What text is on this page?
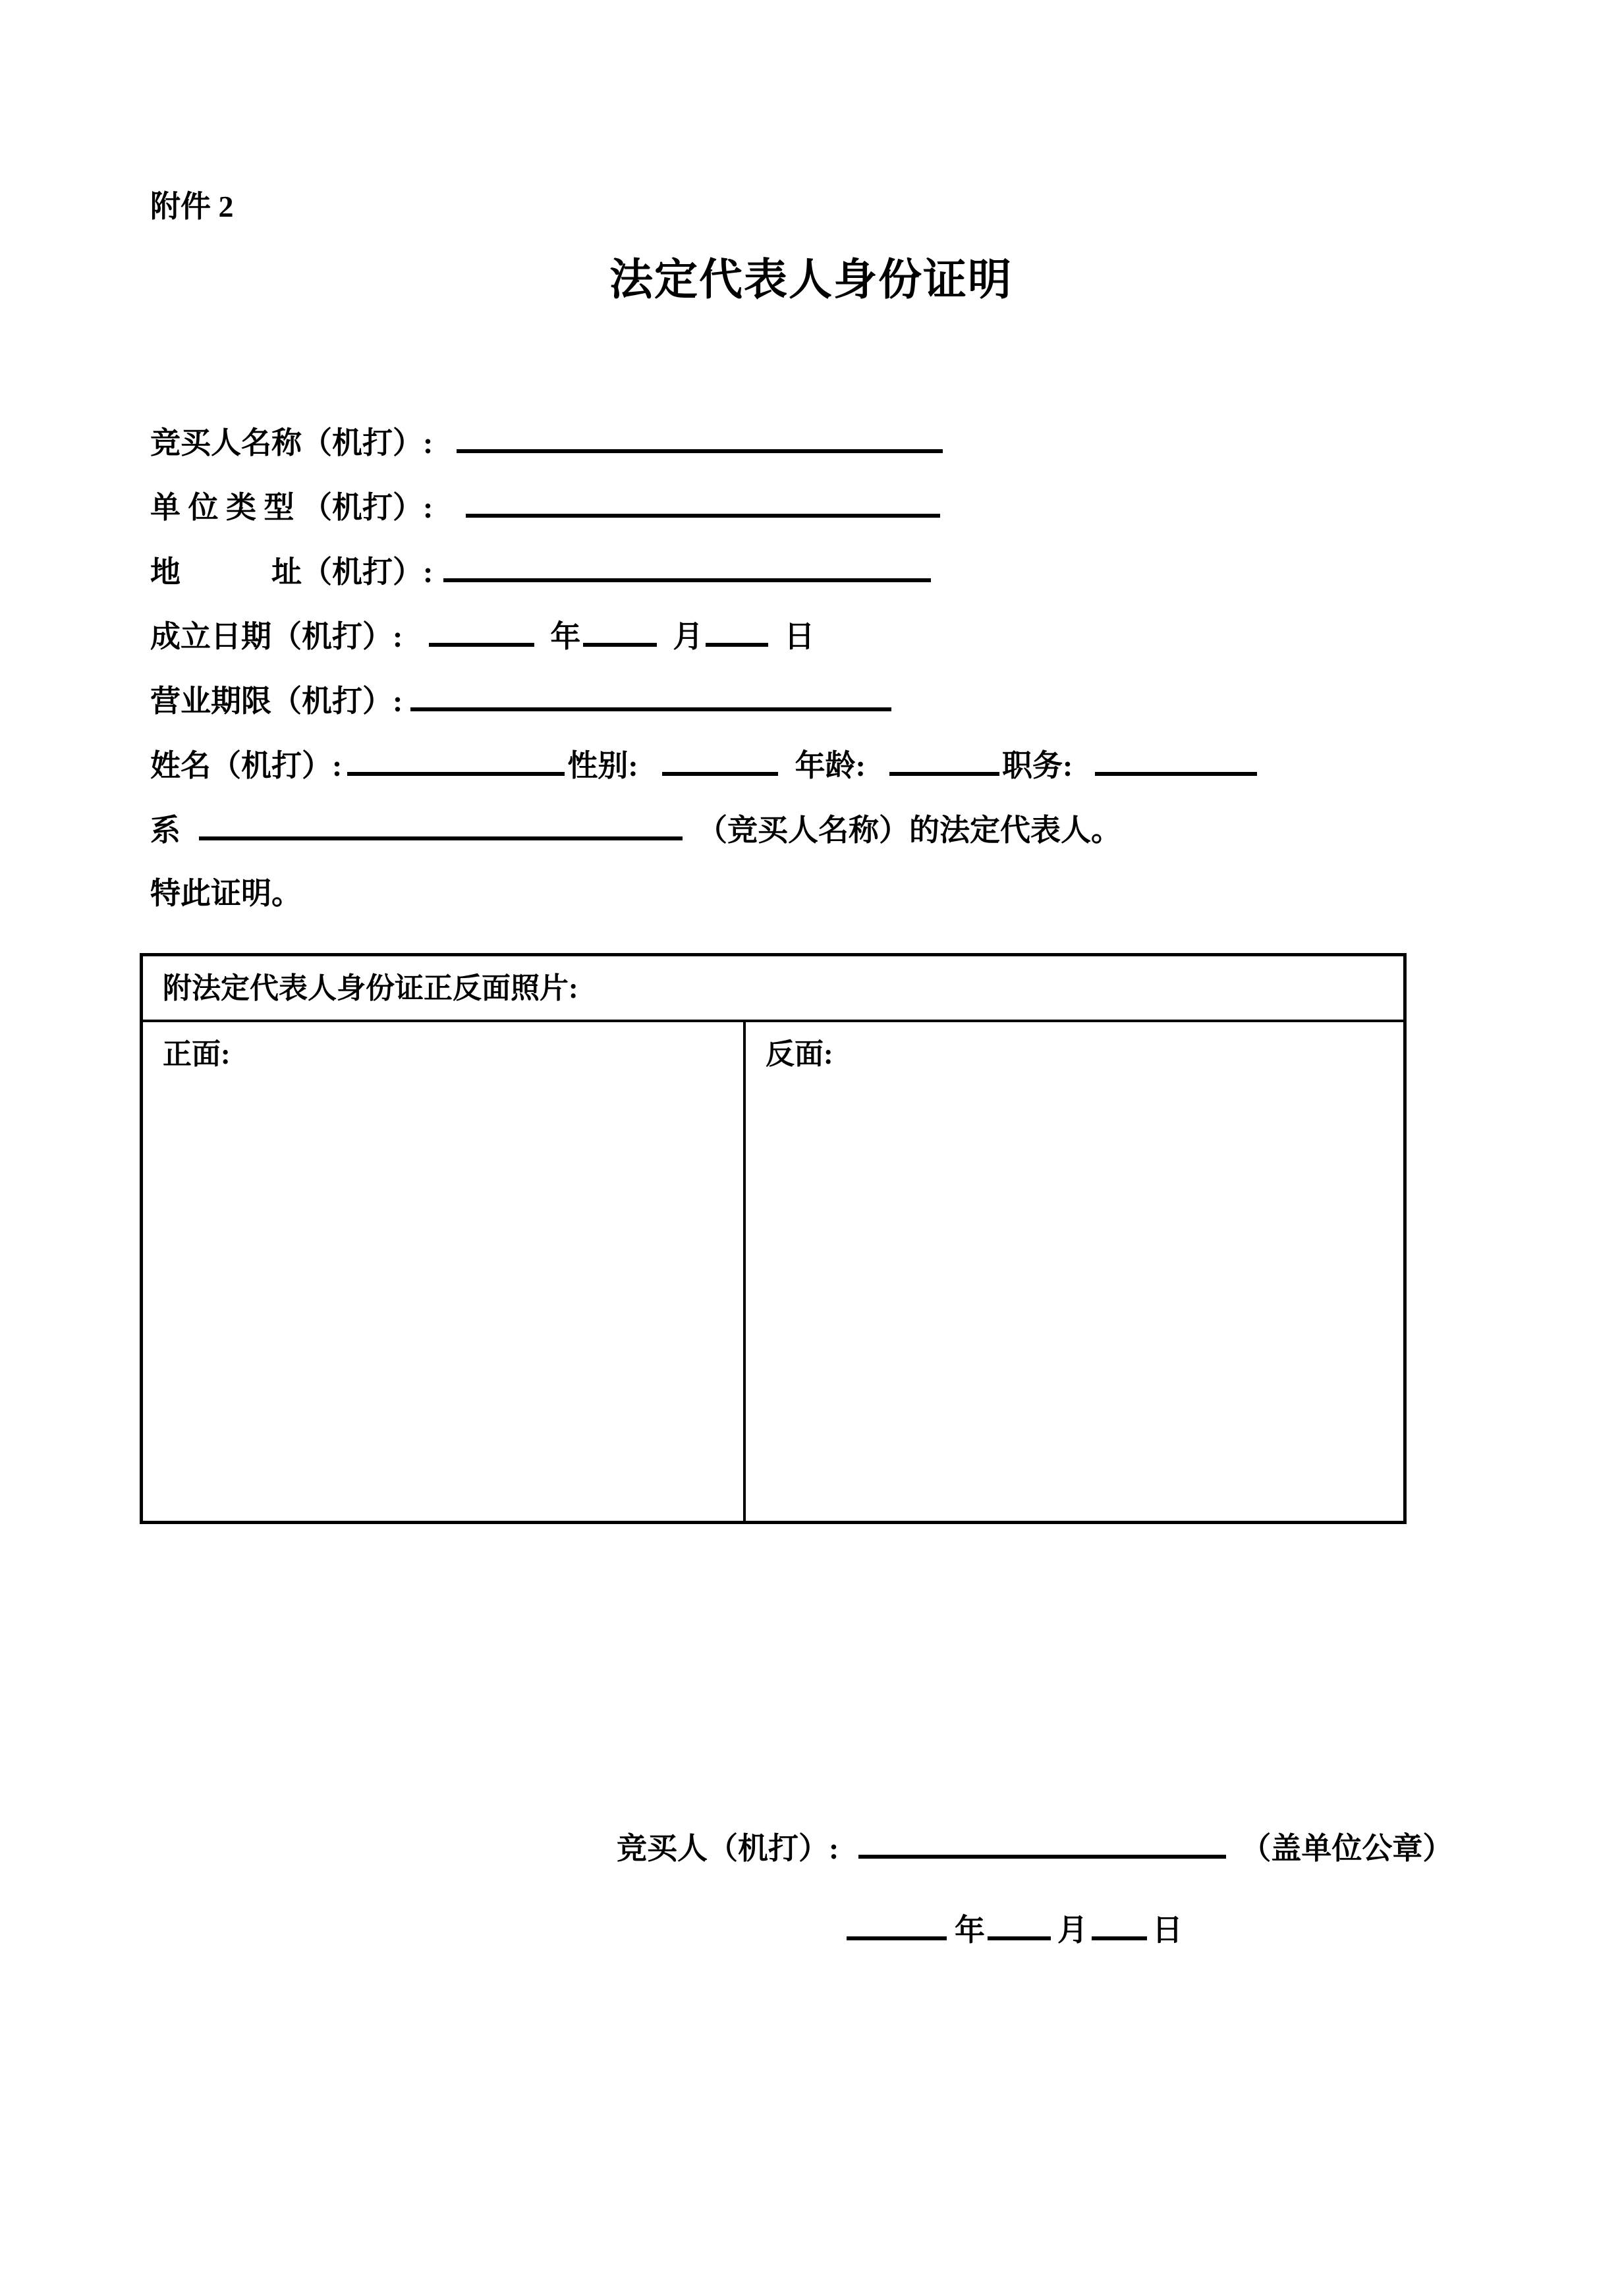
附件 2
法定代表人身份证明
竞买人名称（机打）:
单 位 类 型 （机打）:
地　　　址（机打）:
成立日期（机打）:	年	月	日
营业期限（机打）:
姓名（机打）:	性别:	年龄:	职务:
系	（竞买人名称）的法定代表人。
特此证明。
附法定代表人身份证正反面照片:
正面:	反面:
竞买人（机打）:	（盖单位公章）
年 月 日
